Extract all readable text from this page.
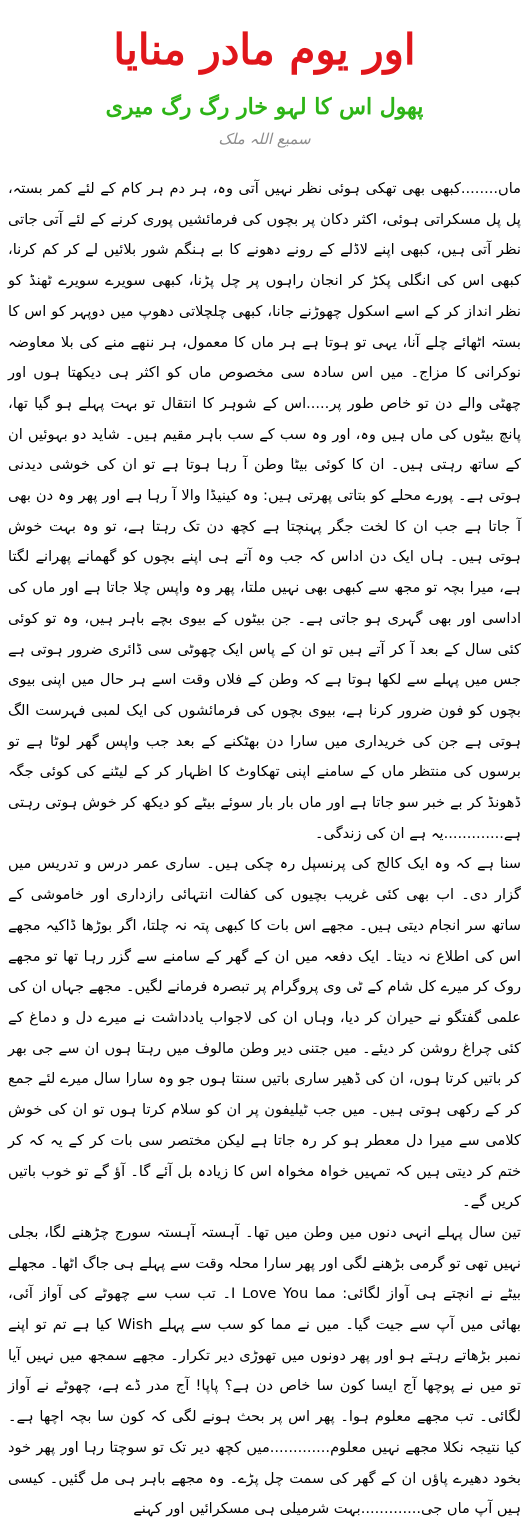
اور یوم مادر منایا
پھول اس کا لہو خار رگ رگ میری
سمیع اللہ ملک

ماں........کبھی بھی تھکی ہوئی نظر نہیں آتی وہ، ہر دم ہر کام کے لئے کمر بستہ، پل پل مسکراتی ہوئی، اکثر دکان پر بچوں کی فرمائشیں پوری کرنے کے لئے آتی جاتی نظر آتی ہیں، کبھی اپنے لاڈلے کے رونے دھونے کا بے ہنگم شور بلائیں لے کر کم کرنا، کبھی اس کی انگلی پکڑ کر انجان راہوں پر چل پڑنا، کبھی سویرے سویرے ٹھنڈ کو نظر انداز کر کے اسے اسکول چھوڑنے جانا، کبھی چلچلاتی دھوپ میں دوپہر کو اس کا بستہ اٹھائے چلے آنا، یہی تو ہوتا ہے ہر ماں کا معمول، ہر ننھے منے کی بلا معاوضہ نوکرانی کا مزاج۔ میں اس سادہ سی مخصوص ماں کو اکثر ہی دیکھتا ہوں اور چھٹی والے دن تو خاص طور پر.....اس کے شوہر کا انتقال تو بہت پہلے ہو گیا تھا، پانچ بیٹوں کی ماں ہیں وہ، اور وہ سب کے سب باہر مقیم ہیں۔ شاید دو بہوئیں ان کے ساتھ رہتی ہیں۔ ان کا کوئی بیٹا وطن آ رہا ہوتا ہے تو ان کی خوشی دیدنی ہوتی ہے۔ پورے محلے کو بتاتی پھرتی ہیں: وہ کینیڈا والا آ رہا ہے اور پھر وہ دن بھی آ جاتا ہے جب ان کا لخت جگر پہنچتا ہے کچھ دن تک رہتا ہے، تو وہ بہت خوش ہوتی ہیں۔ ہاں ایک دن اداس کہ جب وہ آتے ہی اپنے بچوں کو گھمانے پھرانے لگتا ہے، میرا بچہ تو مجھ سے کبھی بھی نہیں ملتا، پھر وہ واپس چلا جاتا ہے اور ماں کی اداسی اور بھی گہری ہو جاتی ہے۔ جن بیٹوں کے بیوی بچے باہر ہیں، وہ تو کوئی کئی سال کے بعد آ کر آتے ہیں تو ان کے پاس ایک چھوٹی سی ڈائری ضرور ہوتی ہے جس میں پہلے سے لکھا ہوتا ہے کہ وطن کے فلاں وقت اسے ہر حال میں اپنی بیوی بچوں کو فون ضرور کرنا ہے، بیوی بچوں کی فرمائشوں کی ایک لمبی فہرست الگ ہوتی ہے جن کی خریداری میں سارا دن بھٹکنے کے بعد جب واپس گھر لوٹا ہے تو برسوں کی منتظر ماں کے سامنے اپنی تھکاوٹ کا اظہار کر کے لیٹنے کی کوئی جگہ ڈھونڈ کر بے خبر سو جاتا ہے اور ماں بار بار سوئے بیٹے کو دیکھ کر خوش ہوتی رہتی ہے.............یہ ہے ان کی زندگی۔

سنا ہے کہ وہ ایک کالج کی پرنسپل رہ چکی ہیں۔ ساری عمر درس و تدریس میں گزار دی۔ اب بھی کئی غریب بچیوں کی کفالت انتہائی رازداری اور خاموشی کے ساتھ سر انجام دیتی ہیں۔ مجھے اس بات کا کبھی پتہ نہ چلتا، اگر بوڑھا ڈاکیہ مجھے اس کی اطلاع نہ دیتا۔ ایک دفعہ میں ان کے گھر کے سامنے سے گزر رہا تھا تو مجھے روک کر میرے کل شام کے ٹی وی پروگرام پر تبصرہ فرمانے لگیں۔ مجھے جہاں ان کی علمی گفتگو نے حیران کر دیا، وہاں ان کی لاجواب یادداشت نے میرے دل و دماغ کے کئی چراغ روشن کر دیئے۔ میں جتنی دیر وطن مالوف میں رہتا ہوں ان سے جی بھر کر باتیں کرتا ہوں، ان کی ڈھیر ساری باتیں سنتا ہوں جو وہ سارا سال میرے لئے جمع کر کے رکھی ہوتی ہیں۔ میں جب ٹیلیفون پر ان کو سلام کرتا ہوں تو ان کی خوش کلامی سے میرا دل معطر ہو کر رہ جاتا ہے لیکن مختصر سی بات کر کے یہ کہ کر ختم کر دیتی ہیں کہ تمہیں خواہ مخواہ اس کا زیادہ بل آئے گا۔ آؤ گے تو خوب باتیں کریں گے۔

تین سال پہلے انہی دنوں میں وطن میں تھا۔ آہستہ آہستہ سورج چڑھنے لگا، بجلی نہیں تھی تو گرمی بڑھنے لگی اور پھر سارا محلہ وقت سے پہلے ہی جاگ اٹھا۔ مجھلے بیٹے نے انچتے ہی آواز لگائی: مما I Love You۔ تب سب سے چھوٹے کی آواز آئی، بھائی میں آپ سے جیت گیا۔ میں نے مما کو سب سے پہلے Wish کیا ہے تم تو اپنے نمبر بڑھاتے رہتے ہو اور پھر دونوں میں تھوڑی دیر تکرار۔ مجھے سمجھ میں نہیں آیا تو میں نے پوچھا آج ایسا کون سا خاص دن ہے؟ پاپا! آج مدر ڈے ہے، چھوٹے نے آواز لگائی۔ تب مجھے معلوم ہوا۔ پھر اس پر بحث ہونے لگی کہ کون سا بچہ اچھا ہے۔ کیا نتیجہ نکلا مجھے نہیں معلوم.............میں کچھ دیر تک تو سوچتا رہا اور پھر خود بخود دھیرے پاؤں ان کے گھر کی سمت چل پڑے۔ وہ مجھے باہر ہی مل گئیں۔ کیسی ہیں آپ ماں جی.............بہت شرمیلی ہی مسکرائیں اور کہنے
